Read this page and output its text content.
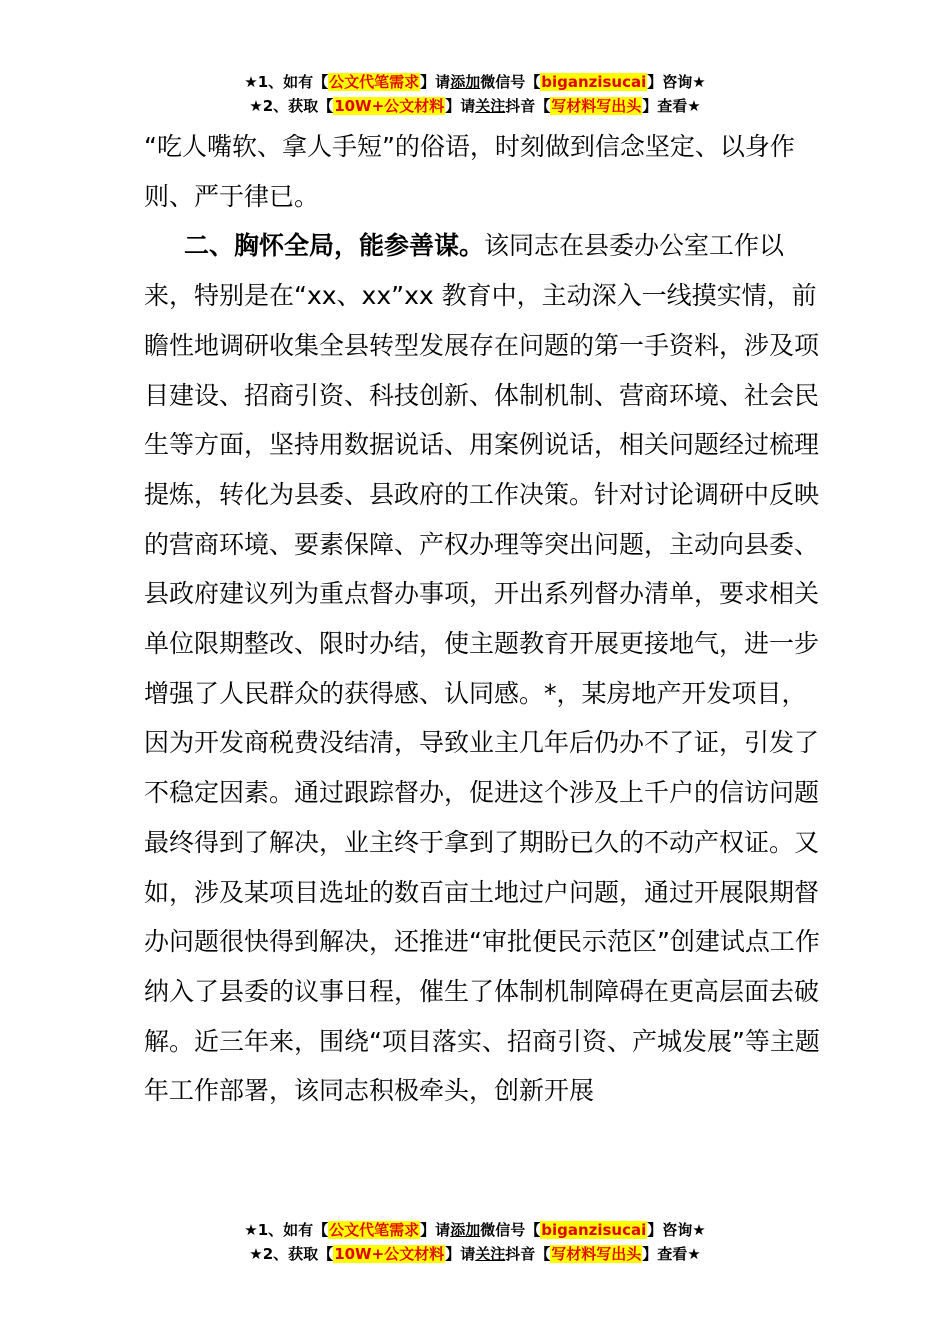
★1、如有【公文代笔需求】请添加微信号【biganzisucai】咨询★
★2、获取【10W+公文材料】请关注抖音【写材料写出头】查看★

“吃人嘴软、拿人手短”的俗语，时刻做到信念坚定、以身作则、严于律已。

二、胸怀全局，能参善谋。该同志在县委办公室工作以来，特别是在“xx、xx”xx 教育中，主动深入一线摸实情，前瞻性地调研收集全县转型发展存在问题的第一手资料，涉及项目建设、招商引资、科技创新、体制机制、营商环境、社会民生等方面，坚持用数据说话、用案例说话，相关问题经过梳理提炼，转化为县委、县政府的工作决策。针对讨论调研中反映的营商环境、要素保障、产权办理等突出问题，主动向县委、县政府建议列为重点督办事项，开出系列督办清单，要求相关单位限期整改、限时办结，使主题教育开展更接地气，进一步增强了人民群众的获得感、认同感。*，某房地产开发项目，因为开发商税费没结清，导致业主几年后仍办不了证，引发了不稳定因素。通过跟踪督办，促进这个涉及上千户的信访问题最终得到了解决，业主终于拿到了期盼已久的不动产权证。又如，涉及某项目选址的数百亩土地过户问题，通过开展限期督办问题很快得到解决，还推进“审批便民示范区”创建试点工作纳入了县委的议事日程，催生了体制机制障碍在更高层面去破解。近三年来，围绕“项目落实、招商引资、产城发展”等主题年工作部署，该同志积极牵头，创新开展

★1、如有【公文代笔需求】请添加微信号【biganzisucai】咨询★
★2、获取【10W+公文材料】请关注抖音【写材料写出头】查看★
